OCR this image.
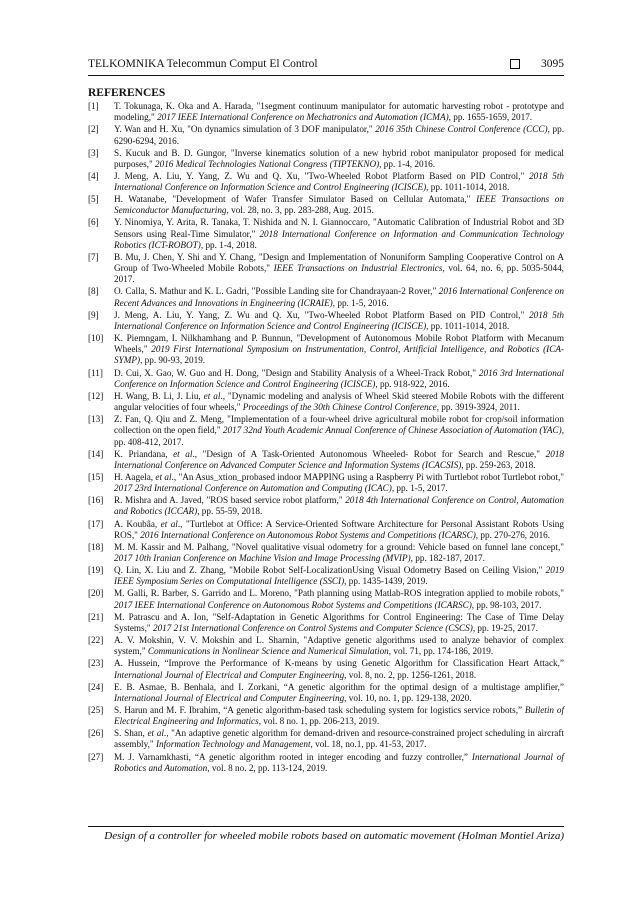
TELKOMNIKA Telecommun Comput El Control	3095
REFERENCES
[1]	T. Tokunaga, K. Oka and A. Harada, "1segment continuum manipulator for automatic harvesting robot - prototype and modeling," 2017 IEEE International Conference on Mechatronics and Automation (ICMA), pp. 1655-1659, 2017.
[2]	Y. Wan and H. Xu, "On dynamics simulation of 3 DOF manipulator," 2016 35th Chinese Control Conference (CCC), pp. 6290-6294, 2016.
[3]	S. Kucuk and B. D. Gungor, "Inverse kinematics solution of a new hybrid robot manipulator proposed for medical purposes," 2016 Medical Technologies National Congress (TIPTEKNO), pp. 1-4, 2016.
[4]	J. Meng, A. Liu, Y. Yang, Z. Wu and Q. Xu, "Two-Wheeled Robot Platform Based on PID Control," 2018 5th International Conference on Information Science and Control Engineering (ICISCE), pp. 1011-1014, 2018.
[5]	H. Watanabe, "Development of Wafer Transfer Simulator Based on Cellular Automata," IEEE Transactions on Semiconductor Manufacturing, vol. 28, no. 3, pp. 283-288, Aug. 2015.
[6]	Y. Ninomiya, Y. Arita, R. Tanaka, T. Nishida and N. I. Giannoccaro, "Automatic Calibration of Industrial Robot and 3D Sensors using Real-Time Simulator," 2018 International Conference on Information and Communication Technology Robotics (ICT-ROBOT), pp. 1-4, 2018.
[7]	B. Mu, J. Chen, Y. Shi and Y. Chang, "Design and Implementation of Nonuniform Sampling Cooperative Control on A Group of Two-Wheeled Mobile Robots," IEEE Transactions on Industrial Electronics, vol. 64, no. 6, pp. 5035-5044, 2017.
[8]	O. Calla, S. Mathur and K. L. Gadri, "Possible Landing site for Chandrayaan-2 Rover," 2016 International Conference on Recent Advances and Innovations in Engineering (ICRAIE), pp. 1-5, 2016.
[9]	J. Meng, A. Liu, Y. Yang, Z. Wu and Q. Xu, "Two-Wheeled Robot Platform Based on PID Control," 2018 5th International Conference on Information Science and Control Engineering (ICISCE), pp. 1011-1014, 2018.
[10]	K. Piemngam, I. Nilkhamhang and P. Bunnun, "Development of Autonomous Mobile Robot Platform with Mecanum Wheels," 2019 First International Symposium on Instrumentation, Control, Artificial Intelligence, and Robotics (ICA-SYMP), pp. 90-93, 2019.
[11]	D. Cui, X. Gao, W. Guo and H. Dong, "Design and Stability Analysis of a Wheel-Track Robot," 2016 3rd International Conference on Information Science and Control Engineering (ICISCE), pp. 918-922, 2016.
[12]	H. Wang, B. Li, J. Liu, et al., "Dynamic modeling and analysis of Wheel Skid steered Mobile Robots with the different angular velocities of four wheels," Proceedings of the 30th Chinese Control Conference, pp. 3919-3924, 2011.
[13]	Z. Fan, Q. Qiu and Z. Meng, "Implementation of a four-wheel drive agricultural mobile robot for crop/soil information collection on the open field," 2017 32nd Youth Academic Annual Conference of Chinese Association of Automation (YAC), pp. 408-412, 2017.
[14]	K. Priandana, et al., "Design of A Task-Oriented Autonomous Wheeled- Robot for Search and Rescue," 2018 International Conference on Advanced Computer Science and Information Systems (ICACSIS), pp. 259-263, 2018.
[15]	H. Aagela, et al., "An Asus_xtion_probased indoor MAPPING using a Raspberry Pi with Turtlebot robot Turtlebot robot," 2017 23rd International Conference on Automation and Computing (ICAC), pp. 1-5, 2017.
[16]	R. Mishra and A. Javed, "ROS based service robot platform," 2018 4th International Conference on Control, Automation and Robotics (ICCAR), pp. 55-59, 2018.
[17]	A. Koubâa, et al., "Turtlebot at Office: A Service-Oriented Software Architecture for Personal Assistant Robots Using ROS," 2016 International Conference on Autonomous Robot Systems and Competitions (ICARSC), pp. 270-276, 2016.
[18]	M. M. Kassir and M. Palhang, "Novel qualitative visual odometry for a ground: Vehicle based on funnel lane concept," 2017 10th Iranian Conference on Machine Vision and Image Processing (MVIP), pp. 182-187, 2017.
[19]	Q. Lin, X. Liu and Z. Zhang, "Mobile Robot Self-LocalizationUsing Visual Odometry Based on Ceiling Vision," 2019 IEEE Symposium Series on Computational Intelligence (SSCI), pp. 1435-1439, 2019.
[20]	M. Galli, R. Barber, S. Garrido and L. Moreno, "Path planning using Matlab-ROS integration applied to mobile robots," 2017 IEEE International Conference on Autonomous Robot Systems and Competitions (ICARSC), pp. 98-103, 2017.
[21]	M. Patrascu and A. Ion, "Self-Adaptation in Genetic Algorithms for Control Engineering: The Case of Time Delay Systems," 2017 21st International Conference on Control Systems and Computer Science (CSCS), pp. 19-25, 2017.
[22]	A. V. Mokshin, V. V. Mokshin and L. Sharnin, "Adaptive genetic algorithms used to analyze behavior of complex system," Communications in Nonlinear Science and Numerical Simulation, vol. 71, pp. 174-186, 2019.
[23]	A. Hussein, “Improve the Performance of K-means by using Genetic Algorithm for Classification Heart Attack,” International Journal of Electrical and Computer Engineering, vol. 8, no. 2, pp. 1256-1261, 2018.
[24]	E. B. Asmae, B. Benhala, and I. Zorkani, “A genetic algorithm for the optimal design of a multistage amplifier,” International Journal of Electrical and Computer Engineering, vol. 10, no. 1, pp. 129-138, 2020.
[25]	S. Harun and M. F. Ibrahim, “A genetic algorithm-based task scheduling system for logistics service robots,” Bulletin of Electrical Engineering and Informatics, vol. 8 no. 1, pp. 206-213, 2019.
[26]	S. Shan, et al., "An adaptive genetic algorithm for demand-driven and resource-constrained project scheduling in aircraft assembly," Information Technology and Management, vol. 18, no.1, pp. 41-53, 2017.
[27]	M. J. Varnamkhasti, “A genetic algorithm rooted in integer encoding and fuzzy controller,” International Journal of Robotics and Automation, vol. 8 no. 2, pp. 113-124, 2019.
Design of a controller for wheeled mobile robots based on automatic movement (Holman Montiel Ariza)
